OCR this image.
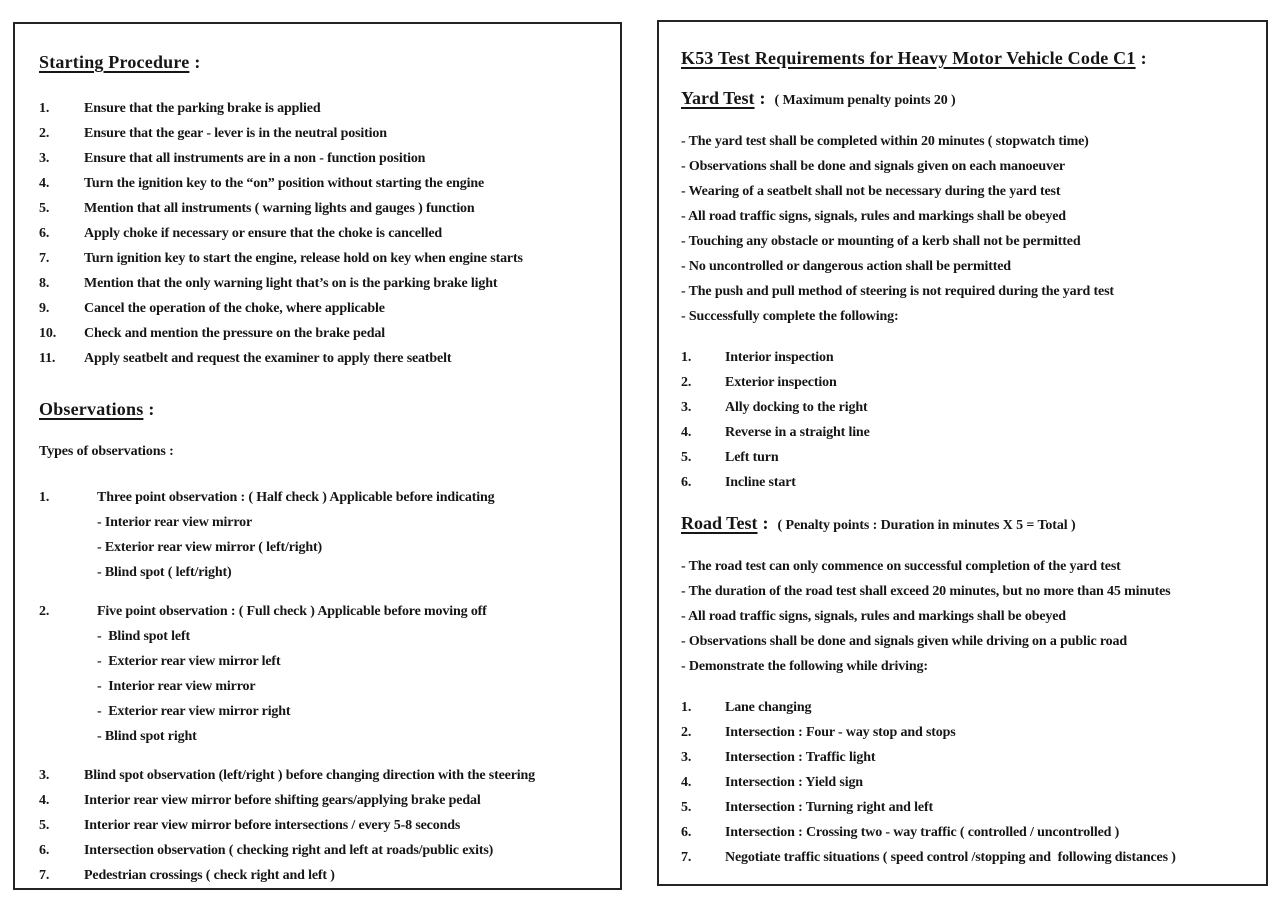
Starting Procedure :
1.	Ensure that the parking brake is applied
2.	Ensure that the gear - lever is in the neutral position
3.	Ensure that all instruments are in a non - function position
4.	Turn the ignition key to the “on” position without starting the engine
5.	Mention that all instruments ( warning lights and gauges ) function
6.	Apply choke if necessary or ensure that the choke is cancelled
7.	Turn ignition key to start the engine, release hold on key when engine starts
8.	Mention that the only warning light that’s on is the parking brake light
9.	Cancel the operation of the choke, where applicable
10.	Check and mention the pressure on the brake pedal
11.	Apply seatbelt and request the examiner to apply there seatbelt
Observations :
Types of observations :
1.	Three point observation : ( Half check ) Applicable before indicating
- Interior rear view mirror
- Exterior rear view mirror ( left/right)
- Blind spot ( left/right)
2.	Five point observation : ( Full check ) Applicable before moving off
-  Blind spot left
-  Exterior rear view mirror left
-  Interior rear view mirror
-  Exterior rear view mirror right
- Blind spot right
3.	Blind spot observation (left/right ) before changing direction with the steering
4.	Interior rear view mirror before shifting gears/applying brake pedal
5.	Interior rear view mirror before intersections / every 5-8 seconds
6.	Intersection observation ( checking right and left at roads/public exits)
7.	Pedestrian crossings ( check right and left )
K53 Test Requirements for Heavy Motor Vehicle Code C1 :
Yard Test : ( Maximum penalty points 20 )
- The yard test shall be completed within 20 minutes ( stopwatch time)
- Observations shall be done and signals given on each manoeuver
- Wearing of a seatbelt shall not be necessary during the yard test
- All road traffic signs, signals, rules and markings shall be obeyed
- Touching any obstacle or mounting of a kerb shall not be permitted
- No uncontrolled or dangerous action shall be permitted
- The push and pull method of steering is not required during the yard test
- Successfully complete the following:
1.	Interior inspection
2.	Exterior inspection
3.	Ally docking to the right
4.	Reverse in a straight line
5.	Left turn
6.	Incline start
Road Test : ( Penalty points : Duration in minutes X 5 = Total )
- The road test can only commence on successful completion of the yard test
- The duration of the road test shall exceed 20 minutes, but no more than 45 minutes
- All road traffic signs, signals, rules and markings shall be obeyed
- Observations shall be done and signals given while driving on a public road
- Demonstrate the following while driving:
1.	Lane changing
2.	Intersection : Four - way stop and stops
3.	Intersection : Traffic light
4.	Intersection : Yield sign
5.	Intersection : Turning right and left
6.	Intersection : Crossing two - way traffic ( controlled / uncontrolled )
7.	Negotiate traffic situations ( speed control /stopping and  following distances )
